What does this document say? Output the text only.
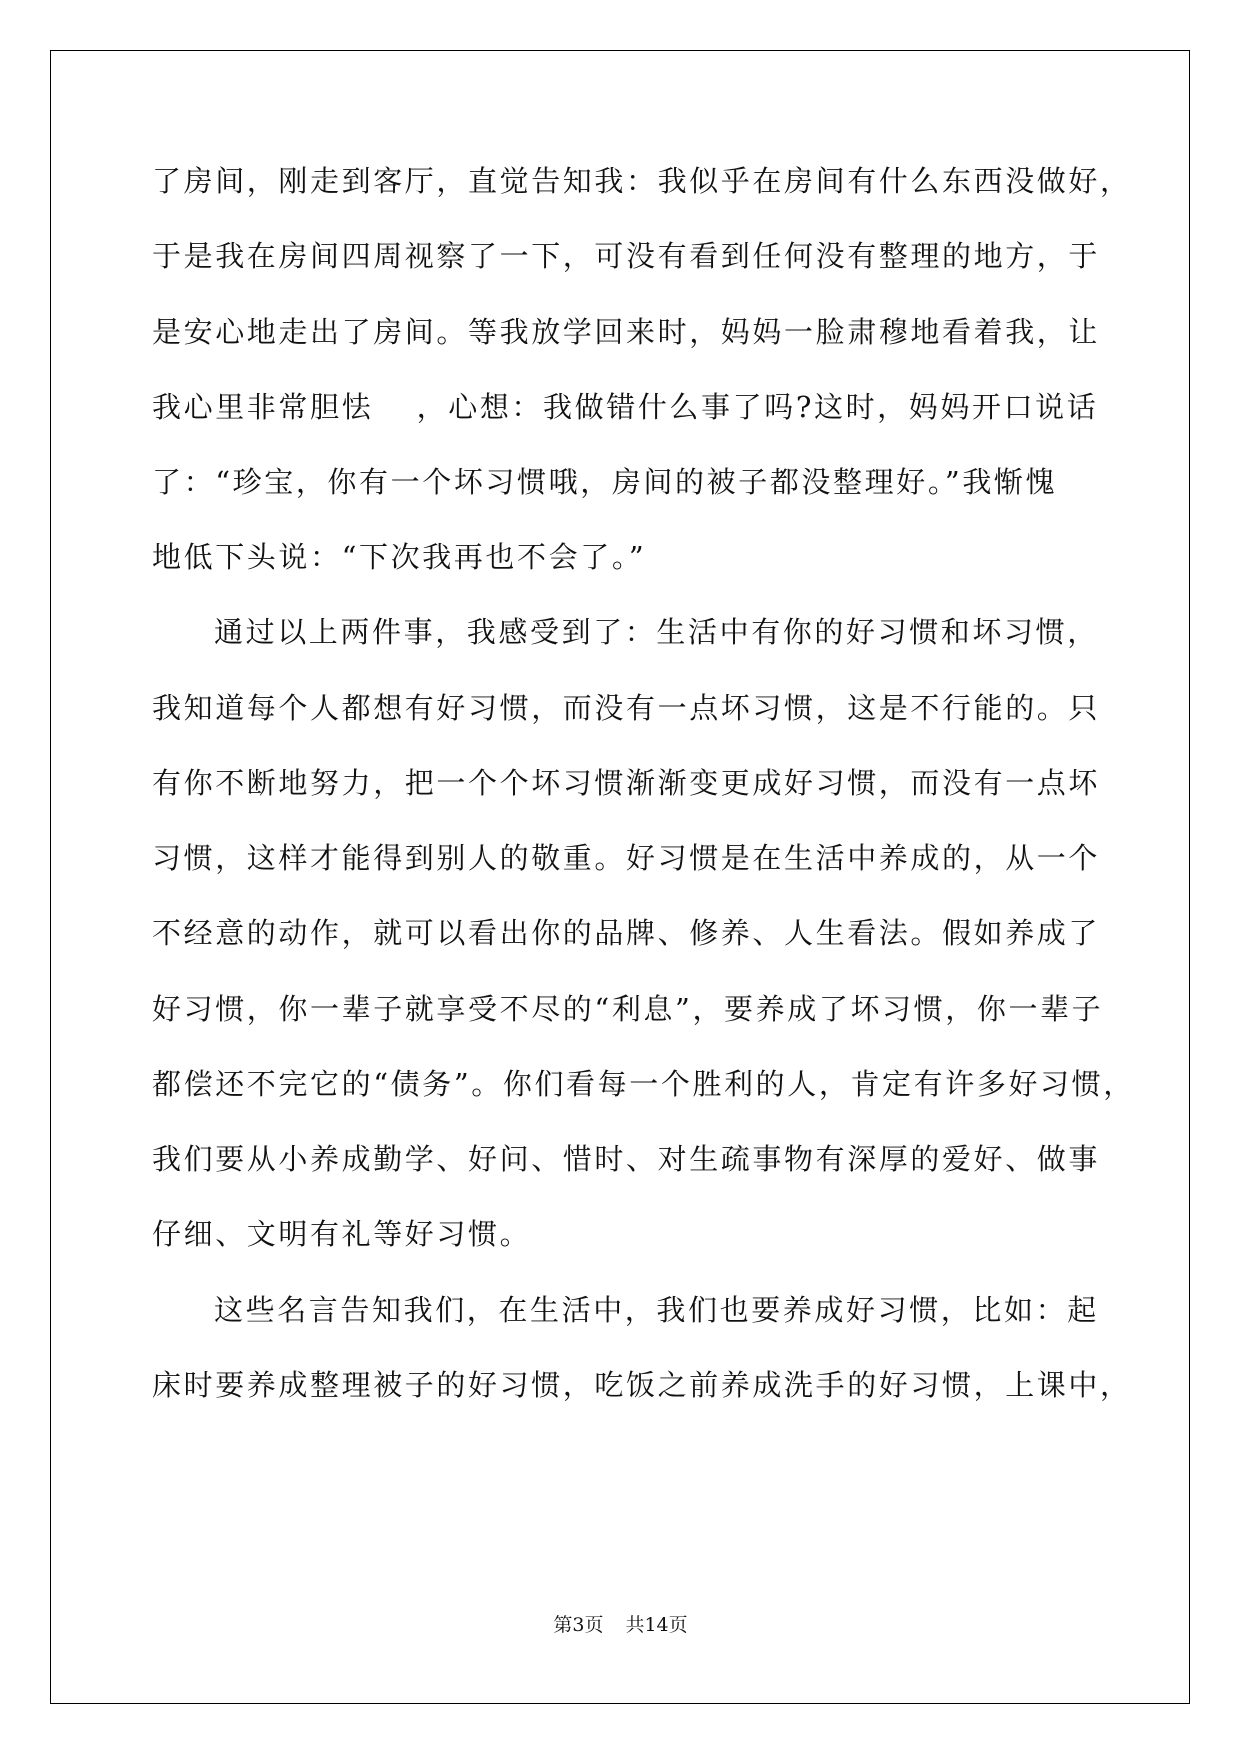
了房间，刚走到客厅，直觉告知我：我似乎在房间有什么东西没做好，
于是我在房间四周视察了一下，可没有看到任何没有整理的地方，于
是安心地走出了房间。等我放学回来时，妈妈一脸肃穆地看着我，让
我心里非常胆怯　 ，心想：我做错什么事了吗?这时，妈妈开口说话
了：“珍宝，你有一个坏习惯哦，房间的被子都没整理好。”我惭愧
地低下头说：“下次我再也不会了。”
通过以上两件事，我感受到了：生活中有你的好习惯和坏习惯，
我知道每个人都想有好习惯，而没有一点坏习惯，这是不行能的。只
有你不断地努力，把一个个坏习惯渐渐变更成好习惯，而没有一点坏
习惯，这样才能得到别人的敬重。好习惯是在生活中养成的，从一个
不经意的动作，就可以看出你的品牌、修养、人生看法。假如养成了
好习惯，你一辈子就享受不尽的“利息”，要养成了坏习惯，你一辈子
都偿还不完它的“债务”。你们看每一个胜利的人，肯定有许多好习惯，
我们要从小养成勤学、好问、惜时、对生疏事物有深厚的爱好、做事
仔细、文明有礼等好习惯。
这些名言告知我们，在生活中，我们也要养成好习惯，比如：起
床时要养成整理被子的好习惯，吃饭之前养成洗手的好习惯，上课中，
第3页 共14页
